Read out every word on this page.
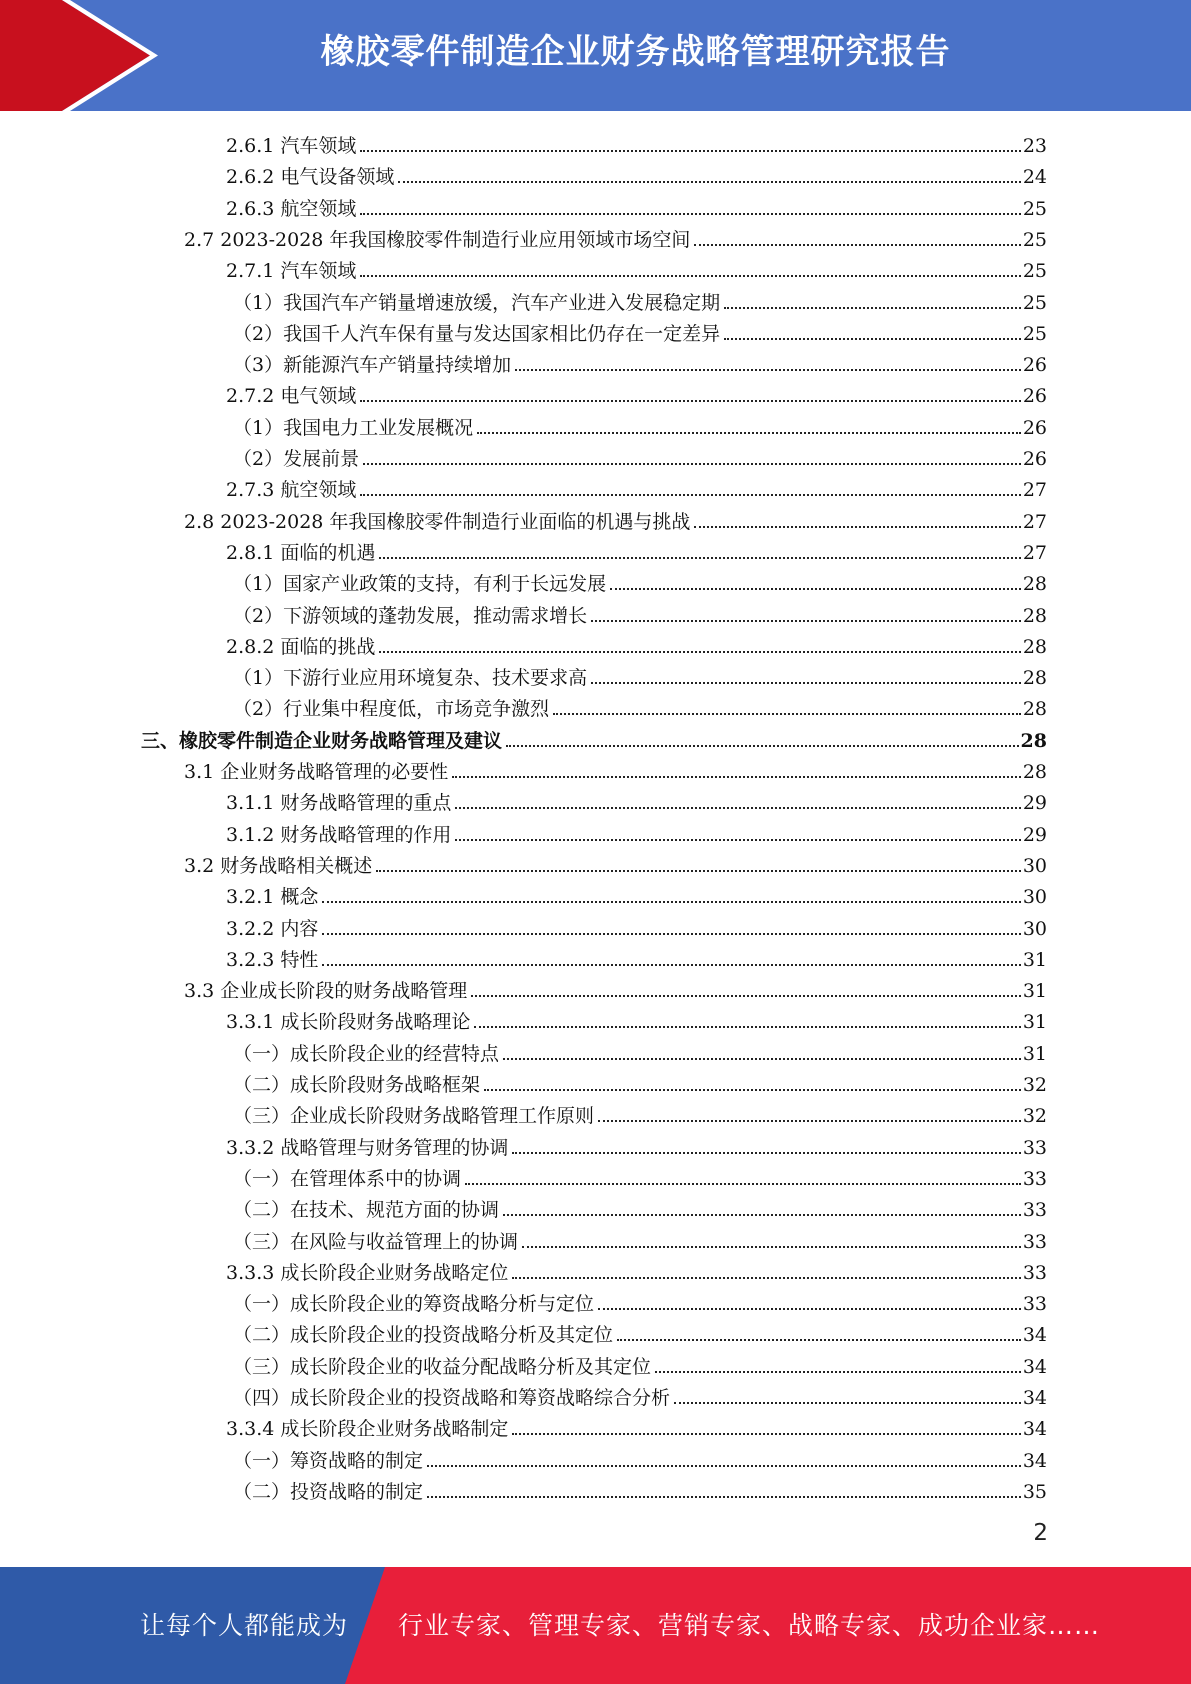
橡胶零件制造企业财务战略管理研究报告
2.6.1 汽车领域	23
2.6.2 电气设备领域	24
2.6.3 航空领域	25
2.7 2023-2028 年我国橡胶零件制造行业应用领域市场空间	25
2.7.1 汽车领域	25
（1）我国汽车产销量增速放缓，汽车产业进入发展稳定期	25
（2）我国千人汽车保有量与发达国家相比仍存在一定差异	25
（3）新能源汽车产销量持续增加	26
2.7.2 电气领域	26
（1）我国电力工业发展概况	26
（2）发展前景	26
2.7.3 航空领域	27
2.8 2023-2028 年我国橡胶零件制造行业面临的机遇与挑战	27
2.8.1 面临的机遇	27
（1）国家产业政策的支持，有利于长远发展	28
（2）下游领域的蓬勃发展，推动需求增长	28
2.8.2 面临的挑战	28
（1）下游行业应用环境复杂、技术要求高	28
（2）行业集中程度低，市场竞争激烈	28
三、橡胶零件制造企业财务战略管理及建议	28
3.1 企业财务战略管理的必要性	28
3.1.1 财务战略管理的重点	29
3.1.2 财务战略管理的作用	29
3.2 财务战略相关概述	30
3.2.1 概念	30
3.2.2 内容	30
3.2.3 特性	31
3.3 企业成长阶段的财务战略管理	31
3.3.1 成长阶段财务战略理论	31
（一）成长阶段企业的经营特点	31
（二）成长阶段财务战略框架	32
（三）企业成长阶段财务战略管理工作原则	32
3.3.2 战略管理与财务管理的协调	33
（一）在管理体系中的协调	33
（二）在技术、规范方面的协调	33
（三）在风险与收益管理上的协调	33
3.3.3 成长阶段企业财务战略定位	33
（一）成长阶段企业的筹资战略分析与定位	33
（二）成长阶段企业的投资战略分析及其定位	34
（三）成长阶段企业的收益分配战略分析及其定位	34
（四）成长阶段企业的投资战略和筹资战略综合分析	34
3.3.4 成长阶段企业财务战略制定	34
（一）筹资战略的制定	34
（二）投资战略的制定	35
2
让每个人都能成为 行业专家、管理专家、营销专家、战略专家、成功企业家……
